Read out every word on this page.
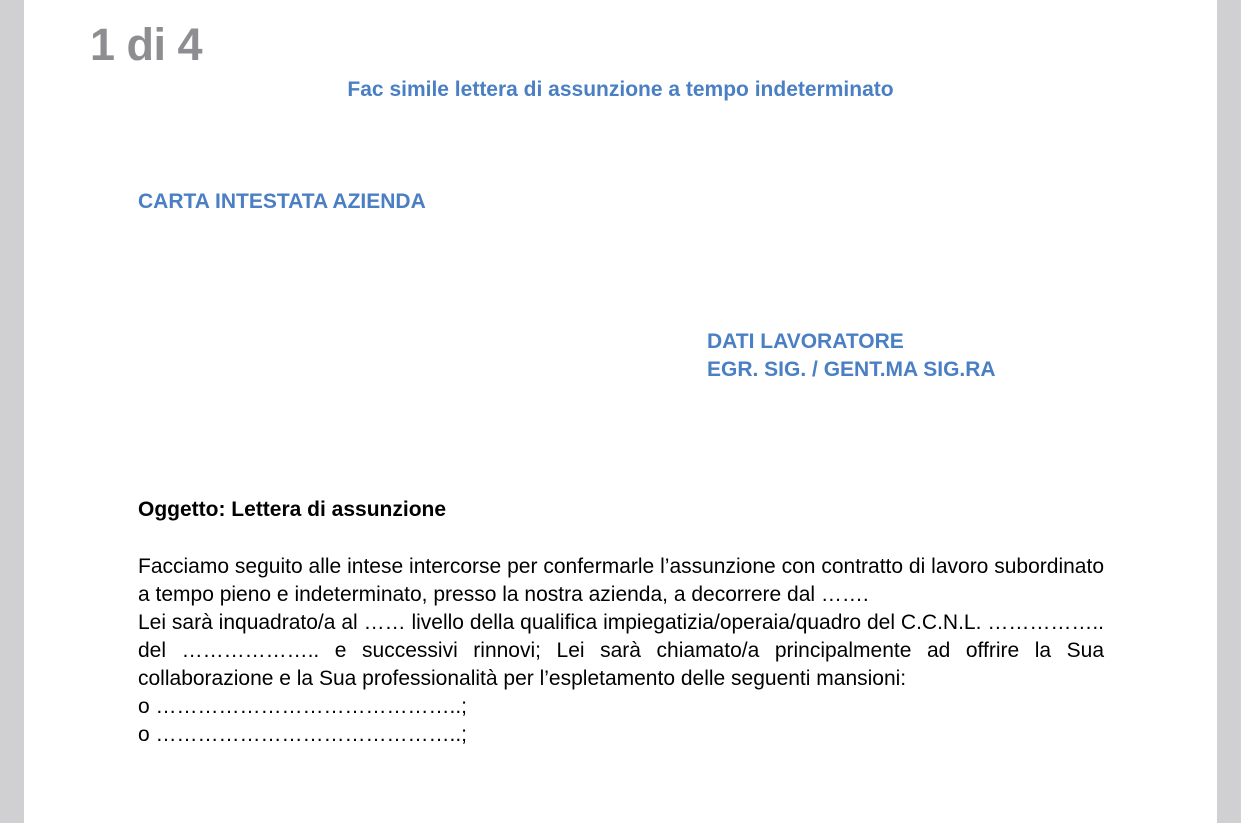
1 di 4
Fac simile lettera di assunzione a tempo indeterminato
CARTA INTESTATA AZIENDA
DATI LAVORATORE
EGR. SIG. / GENT.MA SIG.RA
Oggetto: Lettera di assunzione

Facciamo seguito alle intese intercorse per confermarle l’assunzione con contratto di lavoro subordinato a tempo pieno e indeterminato, presso la nostra azienda, a decorrere dal …….

Lei sarà inquadrato/a al …… livello della qualifica impiegatizia/operaia/quadro del C.C.N.L. …………….. del ……………….. e successivi rinnovi; Lei sarà chiamato/a principalmente ad offrire la Sua collaborazione e la Sua professionalità per l’espletamento delle seguenti mansioni:

o ……………………………………..;

o ……………………………………..;
